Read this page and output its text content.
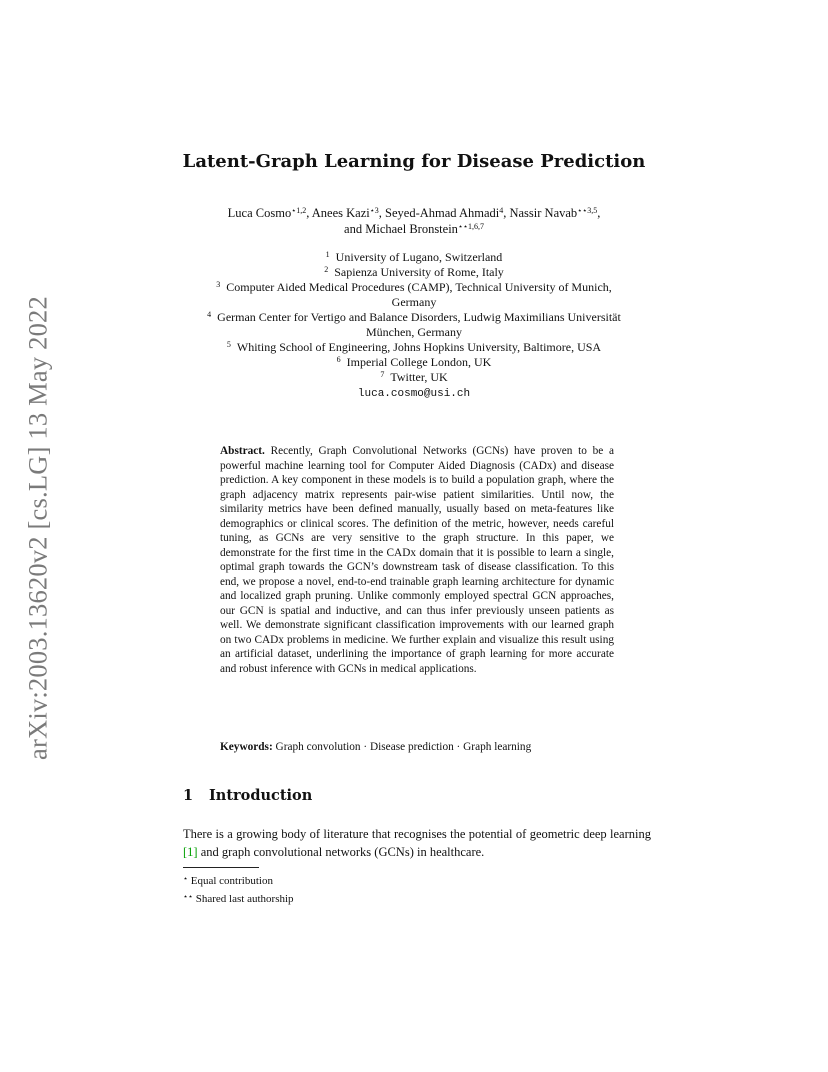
arXiv:2003.13620v2 [cs.LG] 13 May 2022
Latent-Graph Learning for Disease Prediction
Luca Cosmo$^{⋆1,2}$, Anees Kazi$^{⋆3}$, Seyed-Ahmad Ahmadi$^4$, Nassir Navab$^{⋆⋆3,5}$,
and Michael Bronstein$^{⋆⋆1,6,7}$
$^1$ University of Lugano, Switzerland
$^2$ Sapienza University of Rome, Italy
$^3$ Computer Aided Medical Procedures (CAMP), Technical University of Munich,
Germany
$^4$ German Center for Vertigo and Balance Disorders, Ludwig Maximilians Universität
München, Germany
$^5$ Whiting School of Engineering, Johns Hopkins University, Baltimore, USA
$^6$ Imperial College London, UK
$^7$ Twitter, UK
luca.cosmo@usi.ch
Abstract. Recently, Graph Convolutional Networks (GCNs) have proven to be a powerful machine learning tool for Computer Aided Diagnosis (CADx) and disease prediction. A key component in these models is to build a population graph, where the graph adjacency matrix represents pair-wise patient similarities. Until now, the similarity metrics have been defined manually, usually based on meta-features like demographics or clinical scores. The definition of the metric, however, needs careful tuning, as GCNs are very sensitive to the graph structure. In this paper, we demonstrate for the first time in the CADx domain that it is possible to learn a single, optimal graph towards the GCN’s downstream task of disease classification. To this end, we propose a novel, end-to-end trainable graph learning architecture for dynamic and localized graph pruning. Unlike commonly employed spectral GCN approaches, our GCN is spatial and inductive, and can thus infer previously unseen patients as well. We demonstrate significant classification improvements with our learned graph on two CADx problems in medicine. We further explain and visualize this result using an artificial dataset, underlining the importance of graph learning for more accurate and robust inference with GCNs in medical applications.
Keywords: Graph convolution · Disease prediction · Graph learning
1 Introduction
There is a growing body of literature that recognises the potential of geometric deep learning [1] and graph convolutional networks (GCNs) in healthcare.
⋆ Equal contribution
⋆⋆ Shared last authorship
